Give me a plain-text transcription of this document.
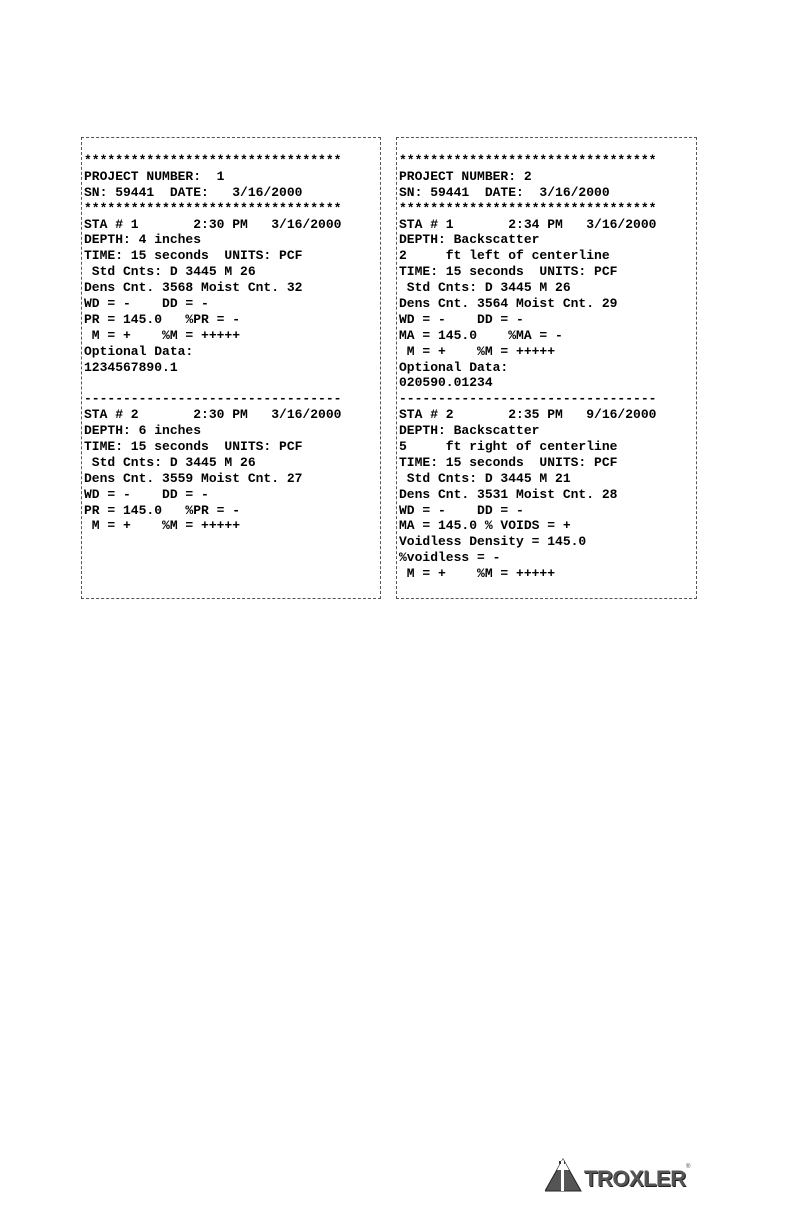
*********************************
PROJECT NUMBER:  1
SN: 59441  DATE:   3/16/2000
*********************************
STA # 1       2:30 PM   3/16/2000
DEPTH: 4 inches
TIME: 15 seconds  UNITS: PCF
Std Cnts: D 3445 M 26
Dens Cnt. 3568 Moist Cnt. 32
WD = -    DD = -
PR = 145.0   %PR = -
M = +    %M = +++++
Optional Data:
1234567890.1
---------------------------------
STA # 2       2:30 PM   3/16/2000
DEPTH: 6 inches
TIME: 15 seconds  UNITS: PCF
Std Cnts: D 3445 M 26
Dens Cnt. 3559 Moist Cnt. 27
WD = -    DD = -
PR = 145.0   %PR = -
M = +    %M = +++++
*********************************
PROJECT NUMBER: 2
SN: 59441  DATE:  3/16/2000
*********************************
STA # 1       2:34 PM   3/16/2000
DEPTH: Backscatter
2     ft left of centerline
TIME: 15 seconds  UNITS: PCF
Std Cnts: D 3445 M 26
Dens Cnt. 3564 Moist Cnt. 29
WD = -    DD = -
MA = 145.0    %MA = -
M = +    %M = +++++
Optional Data:
020590.01234
---------------------------------
STA # 2       2:35 PM   9/16/2000
DEPTH: Backscatter
5     ft right of centerline
TIME: 15 seconds  UNITS: PCF
Std Cnts: D 3445 M 21
Dens Cnt. 3531 Moist Cnt. 28
WD = -    DD = -
MA = 145.0 % VOIDS = +
Voidless Density = 145.0
%voidless = -
M = +    %M = +++++
TROXLER ®
